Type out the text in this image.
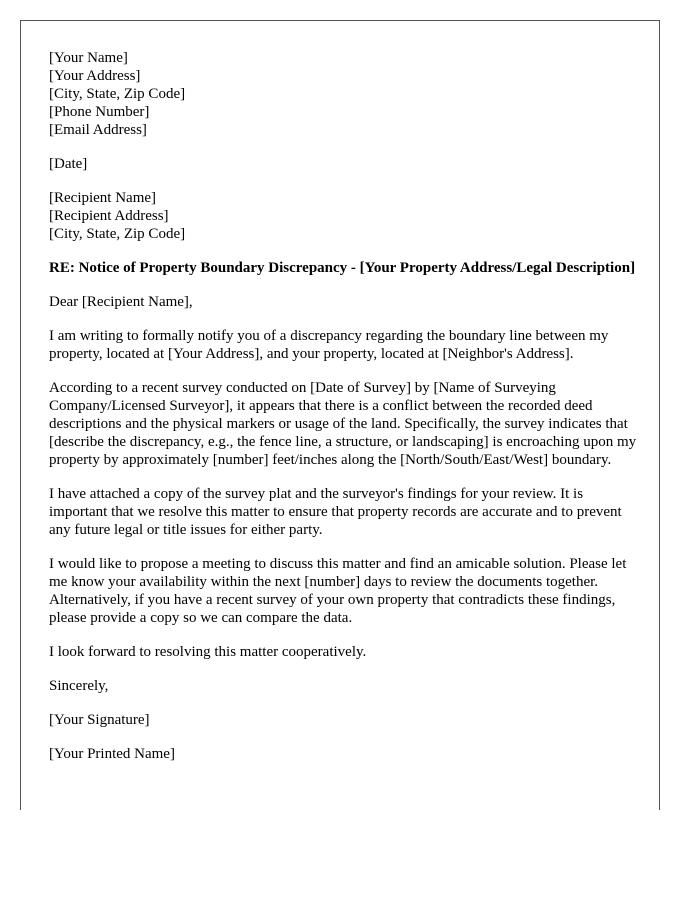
[Your Name]
[Your Address]
[City, State, Zip Code]
[Phone Number]
[Email Address]

[Date]

[Recipient Name]
[Recipient Address]
[City, State, Zip Code]

RE: Notice of Property Boundary Discrepancy - [Your Property Address/Legal Description]

Dear [Recipient Name],

I am writing to formally notify you of a discrepancy regarding the boundary line between my property, located at [Your Address], and your property, located at [Neighbor's Address].

According to a recent survey conducted on [Date of Survey] by [Name of Surveying Company/Licensed Surveyor], it appears that there is a conflict between the recorded deed descriptions and the physical markers or usage of the land. Specifically, the survey indicates that [describe the discrepancy, e.g., the fence line, a structure, or landscaping] is encroaching upon my property by approximately [number] feet/inches along the [North/South/East/West] boundary.

I have attached a copy of the survey plat and the surveyor's findings for your review. It is important that we resolve this matter to ensure that property records are accurate and to prevent any future legal or title issues for either party.

I would like to propose a meeting to discuss this matter and find an amicable solution. Please let me know your availability within the next [number] days to review the documents together. Alternatively, if you have a recent survey of your own property that contradicts these findings, please provide a copy so we can compare the data.

I look forward to resolving this matter cooperatively.

Sincerely,

[Your Signature]

[Your Printed Name]
